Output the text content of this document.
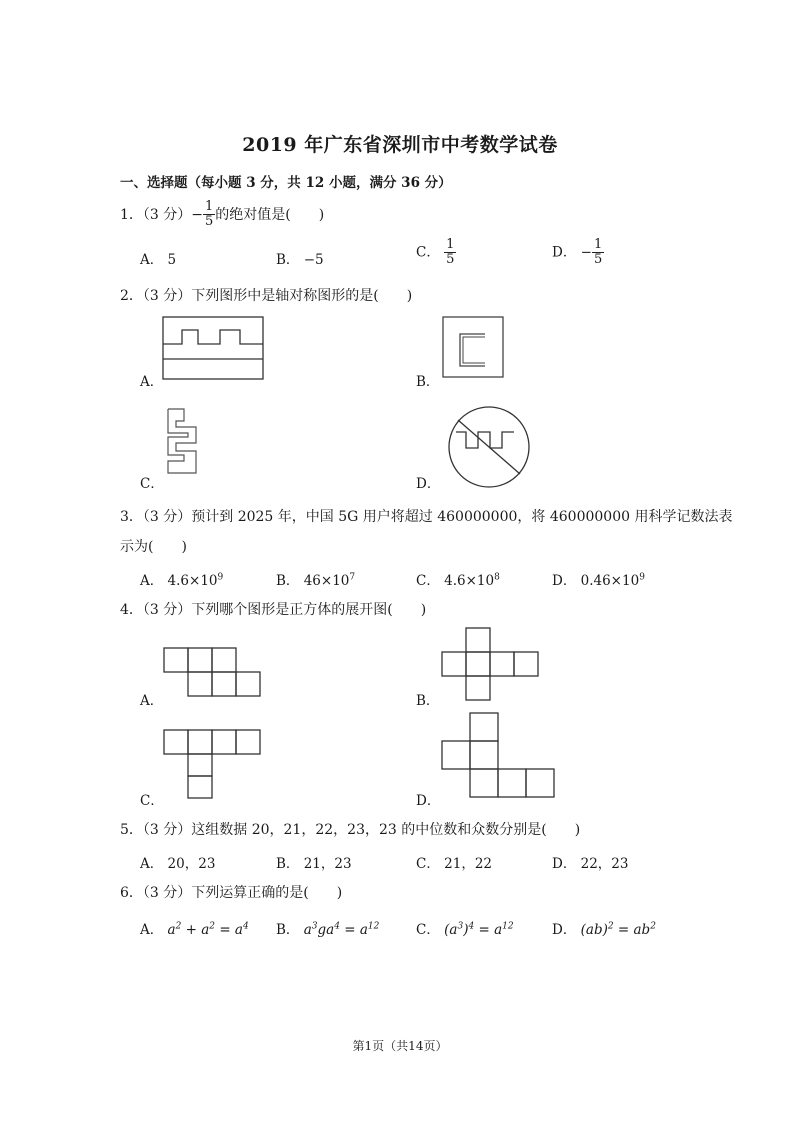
2019 年广东省深圳市中考数学试卷
一、选择题（每小题 3 分，共 12 小题，满分 36 分）
1．（3 分）− $\frac{1}{5}$ 的绝对值是(　　)
A． 5	B． −5	C． $\frac{1}{5}$	D． − $\frac{1}{5}$
2．（3 分）下列图形中是轴对称图形的是(　　)
A．	B．
C．	D．
3．（3 分）预计到 2025 年，中国 5G 用户将超过 460000000，将 460000000 用科学记数法表
示为(　　)
A． $4.6\times 10^9$	B． $46\times 10^7$	C． $4.6\times 10^8$	D． $0.46\times 10^9$
4．（3 分）下列哪个图形是正方体的展开图(　　)
A．	B．
C．	D．
5．（3 分）这组数据 20，21，22，23，23 的中位数和众数分别是(　　)
A． 20，23	B． 21，23	C． 21，22	D． 22，23
6．（3 分）下列运算正确的是(　　)
A． $a^2 + a^2 = a^4$ B． $a^3ga^4 = a^{12}$	C． $(a^3)^4 = a^{12}$	D． $(ab)^2 = ab^2$
第1页（共14页）
